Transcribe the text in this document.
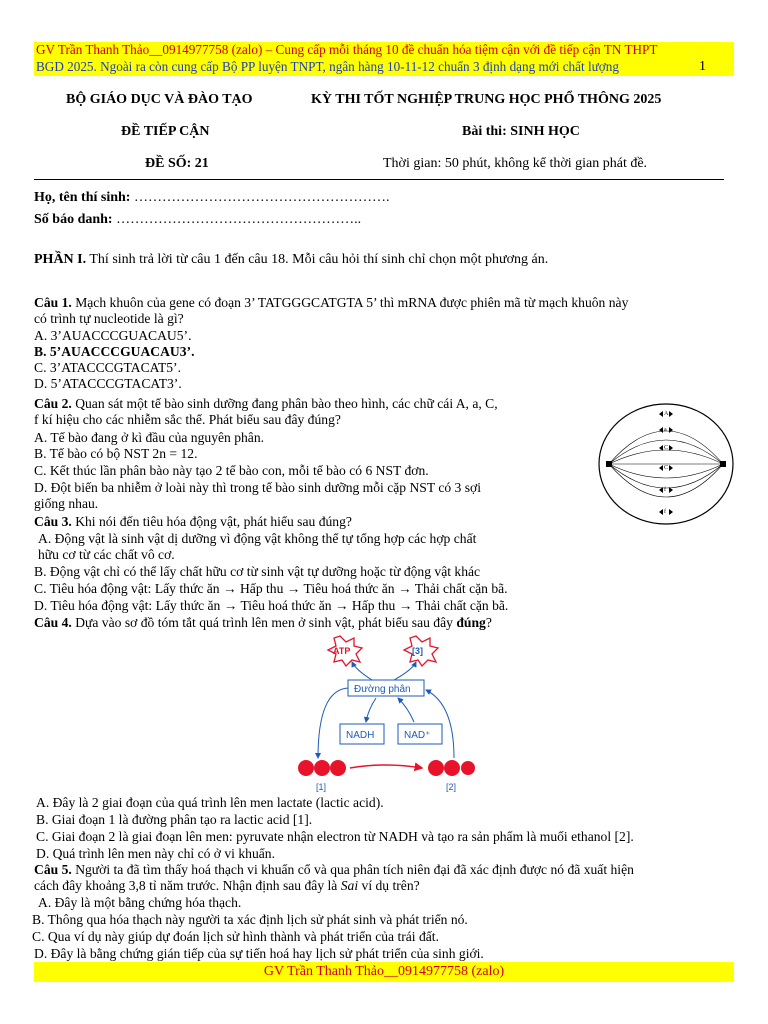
GV Trần Thanh Thảo__0914977758 (zalo) – Cung cấp mỗi tháng 10 đề chuẩn hóa tiệm cận với đề tiếp cận TN THPT
BGD 2025. Ngoài ra còn cung cấp Bộ PP luyện TNPT, ngân hàng 10-11-12 chuẩn 3 định dạng mới chất lượng	1
BỘ GIÁO DỤC VÀ ĐÀO TẠO	KỲ THI TỐT NGHIỆP TRUNG HỌC PHỔ THÔNG 2025
ĐỀ TIẾP CẬN	Bài thi: SINH HỌC
ĐỀ SỐ: 21	Thời gian: 50 phút, không kể thời gian phát đề.
Họ, tên thí sinh: ……………………………………………….
Số báo danh: ……………………………………………..
PHẦN I. Thí sinh trả lời từ câu 1 đến câu 18. Mỗi câu hỏi thí sinh chỉ chọn một phương án.
Câu 1. Mạch khuôn của gene có đoạn 3’ TATGGGCATGTA 5’ thì mRNA được phiên mã từ mạch khuôn này
có trình tự nucleotide là gì?
A. 3’AUACCCGUACAU5’.
B. 5’AUACCCGUACAU3’.
C. 3’ATACCCGTACAT5’.
D. 5’ATACCCGTACAT3’.
Câu 2. Quan sát một tế bào sinh dưỡng đang phân bào theo hình, các chữ cái A, a, C,
f kí hiệu cho các nhiễm sắc thể. Phát biểu sau đây đúng?
A. Tế bào đang ở kì đầu của nguyên phân.
B. Tế bào có bộ NST 2n = 12.
C. Kết thúc lần phân bào này tạo 2 tế bào con, mỗi tế bào có 6 NST đơn.
D. Đột biến ba nhiễm ở loài này thì trong tế bào sinh dưỡng mỗi cặp NST có 3 sợi
giống nhau.
A
a
C
C
f
f
Câu 3. Khi nói đến tiêu hóa động vật, phát hiểu sau đúng?
A. Động vật là sinh vật dị dưỡng vì động vật không thể tự tổng hợp các hợp chất
hữu cơ từ các chất vô cơ.
B. Động vật chỉ có thể lấy chất hữu cơ từ sinh vật tự dưỡng hoặc từ động vật khác
C. Tiêu hóa động vật: Lấy thức ăn → Hấp thu → Tiêu hoá thức ăn → Thải chất cặn bã.
D. Tiêu hóa động vật: Lấy thức ăn → Tiêu hoá thức ăn → Hấp thu → Thải chất cặn bã.
Câu 4. Dựa vào sơ đồ tóm tắt quá trình lên men ở sinh vật, phát biểu sau đây đúng?
ATP	[3]
Đường phân
NADH	NAD⁺
[1]	[2]
A. Đây là 2 giai đoạn của quá trình lên men lactate (lactic acid).
B. Giai đoạn 1 là đường phân tạo ra lactic acid [1].
C. Giai đoạn 2 là giai đoạn lên men: pyruvate nhận electron từ NADH và tạo ra sản phẩm là muối ethanol [2].
D. Quá trình lên men này chỉ có ở vi khuẩn.
Câu 5. Người ta đã tìm thấy hoá thạch vi khuẩn cổ và qua phân tích niên đại đã xác định được nó đã xuất hiện
cách đây khoảng 3,8 tỉ năm trước. Nhận định sau đây là Sai ví dụ trên?
A. Đây là một bằng chứng hóa thạch.
B. Thông qua hóa thạch này người ta xác định lịch sử phát sinh và phát triển nó.
C. Qua ví dụ này giúp dự đoán lịch sử hình thành và phát triển của trái đất.
D. Đây là bằng chứng gián tiếp của sự tiến hoá hay lịch sử phát triển của sinh giới.
GV Trần Thanh Thảo__0914977758 (zalo)
